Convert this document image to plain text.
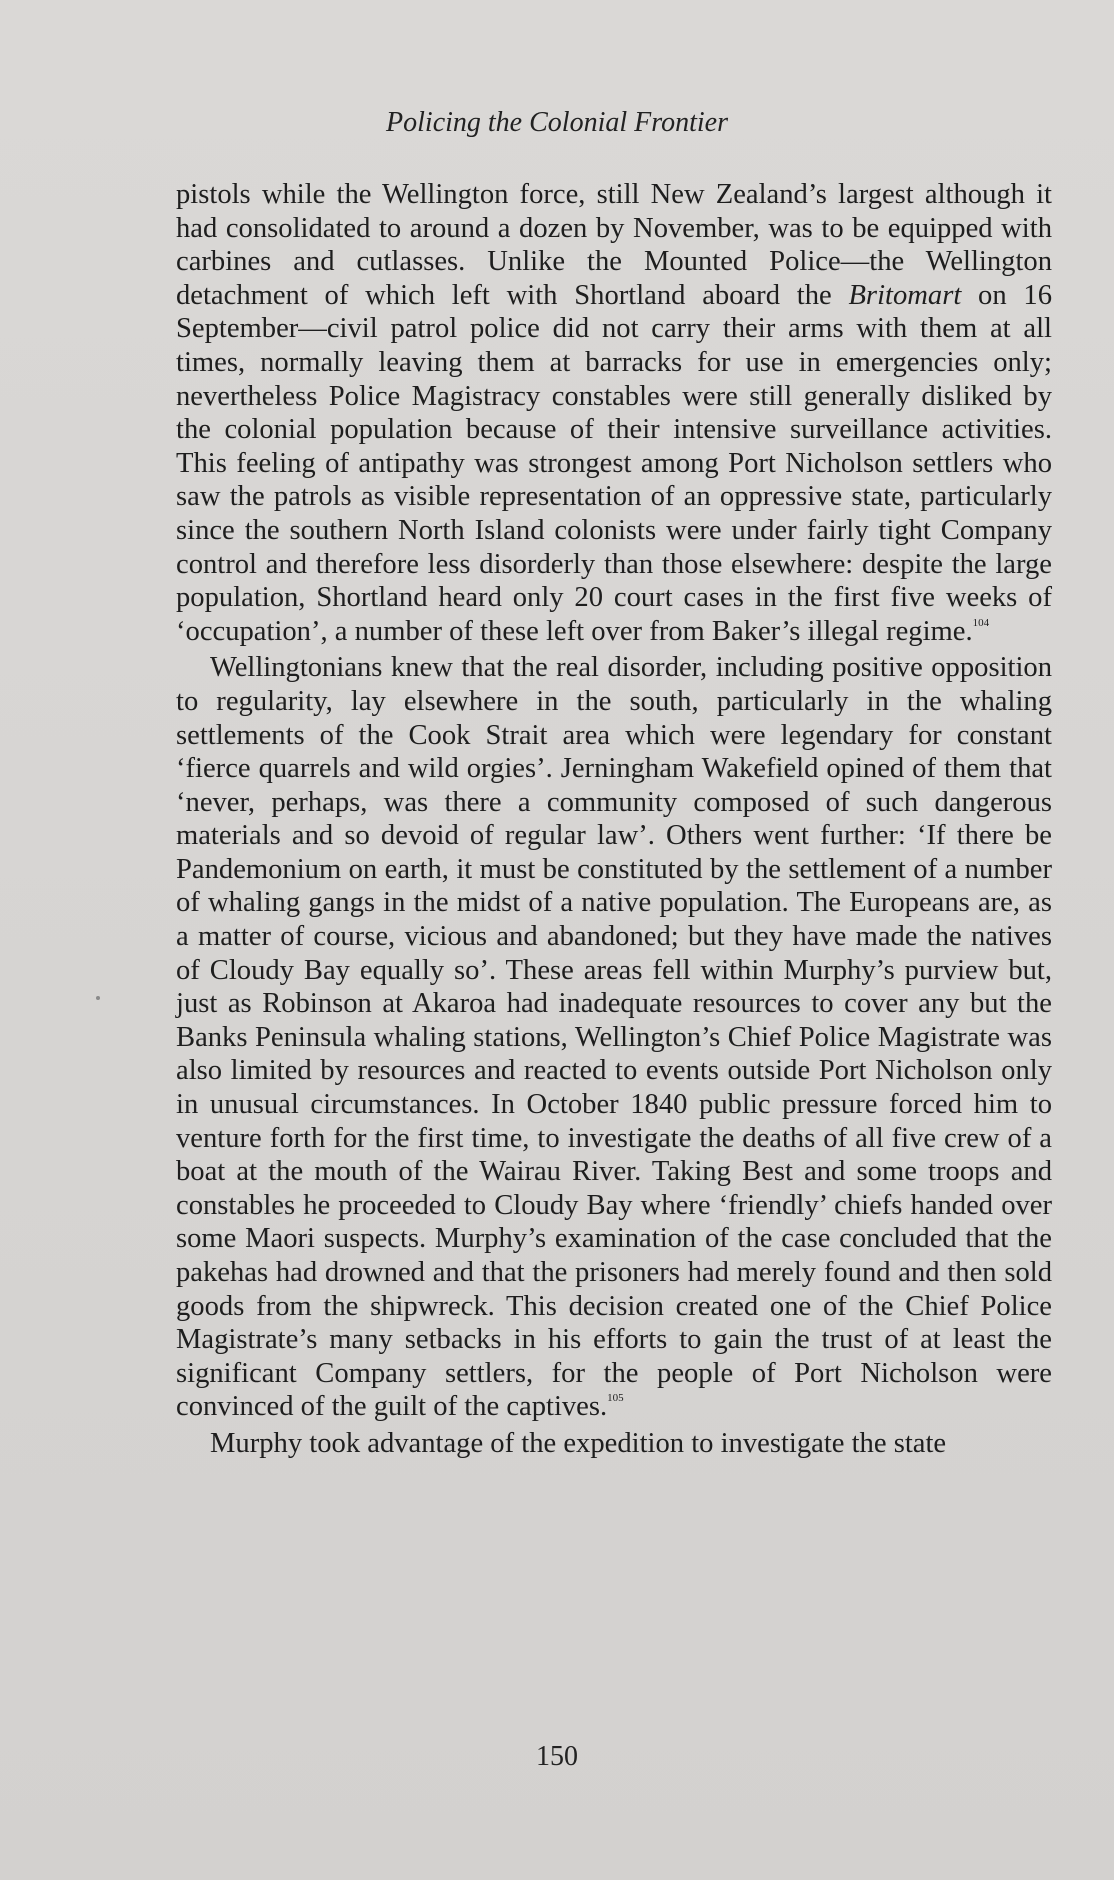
Policing the Colonial Frontier

pistols while the Wellington force, still New Zealand’s largest although it had consolidated to around a dozen by November, was to be equipped with carbines and cutlasses. Unlike the Mounted Police—the Wellington detachment of which left with Shortland aboard the Britomart on 16 September—civil patrol police did not carry their arms with them at all times, normally leaving them at barracks for use in emergencies only; nevertheless Police Magistracy constables were still generally disliked by the colonial population because of their intensive surveillance activities. This feeling of antipathy was strongest among Port Nicholson settlers who saw the patrols as visible representation of an oppressive state, particularly since the southern North Island colonists were under fairly tight Company control and therefore less disorderly than those elsewhere: despite the large population, Shortland heard only 20 court cases in the first five weeks of ‘occupation’, a number of these left over from Baker’s illegal regime.$^{104}$

Wellingtonians knew that the real disorder, including positive opposition to regularity, lay elsewhere in the south, particularly in the whaling settlements of the Cook Strait area which were legendary for constant ‘fierce quarrels and wild orgies’. Jerningham Wakefield opined of them that ‘never, perhaps, was there a community composed of such dangerous materials and so devoid of regular law’. Others went further: ‘If there be Pandemonium on earth, it must be constituted by the settlement of a number of whaling gangs in the midst of a native population. The Europeans are, as a matter of course, vicious and abandoned; but they have made the natives of Cloudy Bay equally so’. These areas fell within Murphy’s purview but, just as Robinson at Akaroa had inadequate resources to cover any but the Banks Peninsula whaling stations, Wellington’s Chief Police Magistrate was also limited by resources and reacted to events outside Port Nicholson only in unusual circumstances. In October 1840 public pressure forced him to venture forth for the first time, to investigate the deaths of all five crew of a boat at the mouth of the Wairau River. Taking Best and some troops and constables he proceeded to Cloudy Bay where ‘friendly’ chiefs handed over some Maori suspects. Murphy’s examination of the case concluded that the pakehas had drowned and that the prisoners had merely found and then sold goods from the shipwreck. This decision created one of the Chief Police Magistrate’s many setbacks in his efforts to gain the trust of at least the significant Company settlers, for the people of Port Nicholson were convinced of the guilt of the captives.$^{105}$

Murphy took advantage of the expedition to investigate the state

150
